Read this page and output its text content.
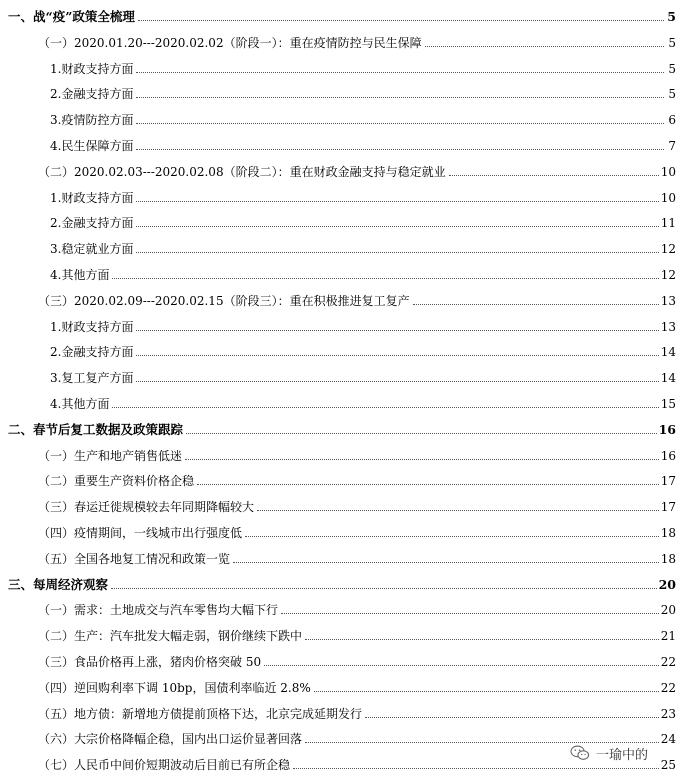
一、战“疫”政策全梳理	5
（一）2020.01.20---2020.02.02（阶段一）：重在疫情防控与民生保障	5
1.财政支持方面	5
2.金融支持方面	5
3.疫情防控方面	6
4.民生保障方面	7
（二）2020.02.03---2020.02.08（阶段二）：重在财政金融支持与稳定就业	10
1.财政支持方面	10
2.金融支持方面	11
3.稳定就业方面	12
4.其他方面	12
（三）2020.02.09---2020.02.15（阶段三）：重在积极推进复工复产	13
1.财政支持方面	13
2.金融支持方面	14
3.复工复产方面	14
4.其他方面	15
二、春节后复工数据及政策跟踪	16
（一）生产和地产销售低迷	16
（二）重要生产资料价格企稳	17
（三）春运迁徙规模较去年同期降幅较大	17
（四）疫情期间，一线城市出行强度低	18
（五）全国各地复工情况和政策一览	18
三、每周经济观察	20
（一）需求：土地成交与汽车零售均大幅下行	20
（二）生产：汽车批发大幅走弱，钢价继续下跌中	21
（三）食品价格再上涨，猪肉价格突破 50	22
（四）逆回购利率下调 10bp，国债利率临近 2.8%	22
（五）地方债：新增地方债提前顶格下达，北京完成延期发行	23
（六）大宗价格降幅企稳，国内出口运价显著回落	24
（七）人民币中间价短期波动后目前已有所企稳	25
一瑜中的
